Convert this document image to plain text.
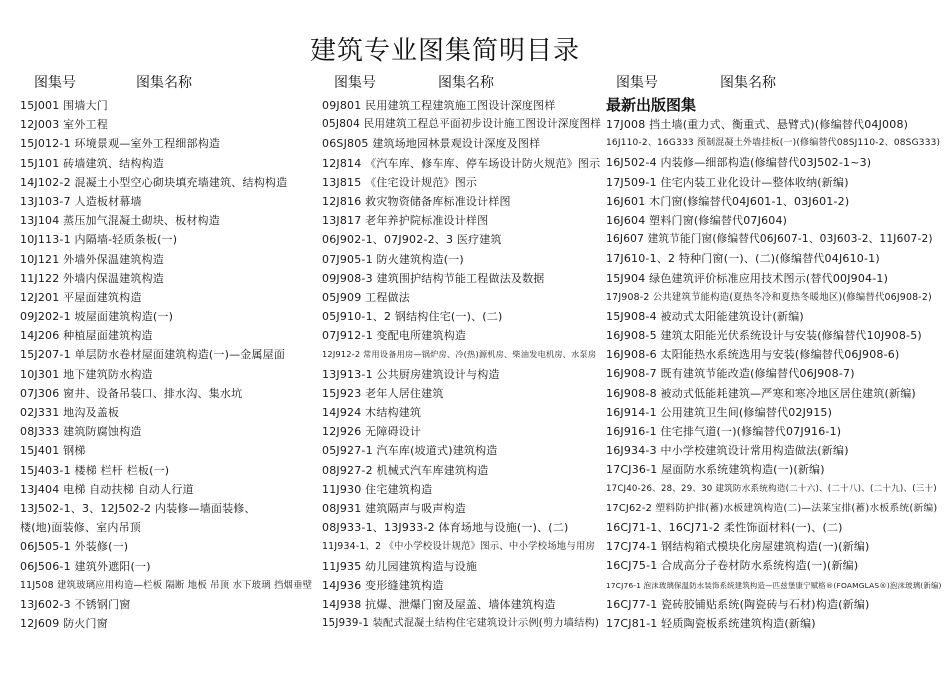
建筑专业图集简明目录
图集号	图集名称
15J001 围墙大门
12J003 室外工程
15J012-1 环境景观—室外工程细部构造
15J101 砖墙建筑、结构构造
14J102-2 混凝土小型空心砌块填充墙建筑、结构构造
13J103-7 人造板材幕墙
13J104 蒸压加气混凝土砌块、板材构造
10J113-1 内隔墙-轻质条板(一)
10J121 外墙外保温建筑构造
11J122 外墙内保温建筑构造
12J201 平屋面建筑构造
09J202-1 坡屋面建筑构造(一)
14J206 种植屋面建筑构造
15J207-1 单层防水卷材屋面建筑构造(一)—金属屋面
10J301 地下建筑防水构造
07J306 窗井、设备吊装口、排水沟、集水坑
02J331 地沟及盖板
08J333 建筑防腐蚀构造
15J401 钢梯
15J403-1 楼梯 栏杆 栏板(一)
13J404 电梯 自动扶梯 自动人行道
13J502-1、3、12J502-2 内装修—墙面装修、
楼(地)面装修、室内吊顶
06J505-1 外装修(一)
06J506-1 建筑外遮阳(一)
11J508 建筑玻璃应用构造—栏板 隔断 地板 吊顶 水下玻璃 挡烟垂壁
13J602-3 不锈钢门窗
12J609 防火门窗
图集号	图集名称
09J801 民用建筑工程建筑施工图设计深度图样
05J804 民用建筑工程总平面初步设计施工图设计深度图样
06SJ805 建筑场地园林景观设计深度及图样
12J814 《汽车库、修车库、停车场设计防火规范》图示
13J815 《住宅设计规范》图示
12J816 救灾物资储备库标准设计样图
13J817 老年养护院标准设计样图
06J902-1、07J902-2、3 医疗建筑
07J905-1 防火建筑构造(一)
09J908-3 建筑围护结构节能工程做法及数据
05J909 工程做法
05J910-1、2 钢结构住宅(一)、(二)
07J912-1 变配电所建筑构造
12J912-2 常用设备用房—锅炉房、冷(热)源机房、柴油发电机房、水泵房
13J913-1 公共厨房建筑设计与构造
15J923 老年人居住建筑
14J924 木结构建筑
12J926 无障碍设计
05J927-1 汽车库(坡道式)建筑构造
08J927-2 机械式汽车库建筑构造
11J930 住宅建筑构造
08J931 建筑隔声与吸声构造
08J933-1、13J933-2 体育场地与设施(一)、(二)
11J934-1、2 《中小学校设计规范》图示、中小学校场地与用房
11J935 幼儿园建筑构造与设施
14J936 变形缝建筑构造
14J938 抗爆、泄爆门窗及屋盖、墙体建筑构造
15J939-1 装配式混凝土结构住宅建筑设计示例(剪力墙结构)
图集号	图集名称
最新出版图集
17J008 挡土墙(重力式、衡重式、悬臂式)(修编替代04J008)
16J110-2、16G333 预制混凝土外墙挂板(一)(修编替代08SJ110-2、08SG333)
16J502-4 内装修—细部构造(修编替代03J502-1~3)
17J509-1 住宅内装工业化设计—整体收纳(新编)
16J601 木门窗(修编替代04J601-1、03J601-2)
16J604 塑料门窗(修编替代07J604)
16J607 建筑节能门窗(修编替代06J607-1、03J603-2、11J607-2)
17J610-1、2 特种门窗(一)、(二)(修编替代04J610-1)
15J904 绿色建筑评价标准应用技术图示(替代00J904-1)
17J908-2 公共建筑节能构造(夏热冬冷和夏热冬暖地区)(修编替代06J908-2)
15J908-4 被动式太阳能建筑设计(新编)
16J908-5 建筑太阳能光伏系统设计与安装(修编替代10J908-5)
16J908-6 太阳能热水系统选用与安装(修编替代06J908-6)
16J908-7 既有建筑节能改造(修编替代06J908-7)
16J908-8 被动式低能耗建筑—严寒和寒冷地区居住建筑(新编)
16J914-1 公用建筑卫生间(修编替代02J915)
16J916-1 住宅排气道(一)(修编替代07J916-1)
16J934-3 中小学校建筑设计常用构造做法(新编)
17CJ36-1 屋面防水系统建筑构造(一)(新编)
17CJ40-26、28、29、30 建筑防水系统构造(二十六)、(二十八)、(二十九)、(三十)
17CJ62-2 塑料防护排(蓄)水板建筑构造(二)—法莱宝排(蓄)水板系统(新编)
16CJ71-1、16CJ71-2 柔性饰面材料(一)、(二)
17CJ74-1 钢结构箱式模块化房屋建筑构造(一)(新编)
16CJ75-1 合成高分子卷材防水系统构造(一)(新编)
17CJ76-1 泡沫玻璃保温防水装饰系统建筑构造—匹兹堡康宁赋格®(FOAMGLAS®)泡沫玻璃(新编)
16CJ77-1 瓷砖胶铺贴系统(陶瓷砖与石材)构造(新编)
17CJ81-1 轻质陶瓷板系统建筑构造(新编)
